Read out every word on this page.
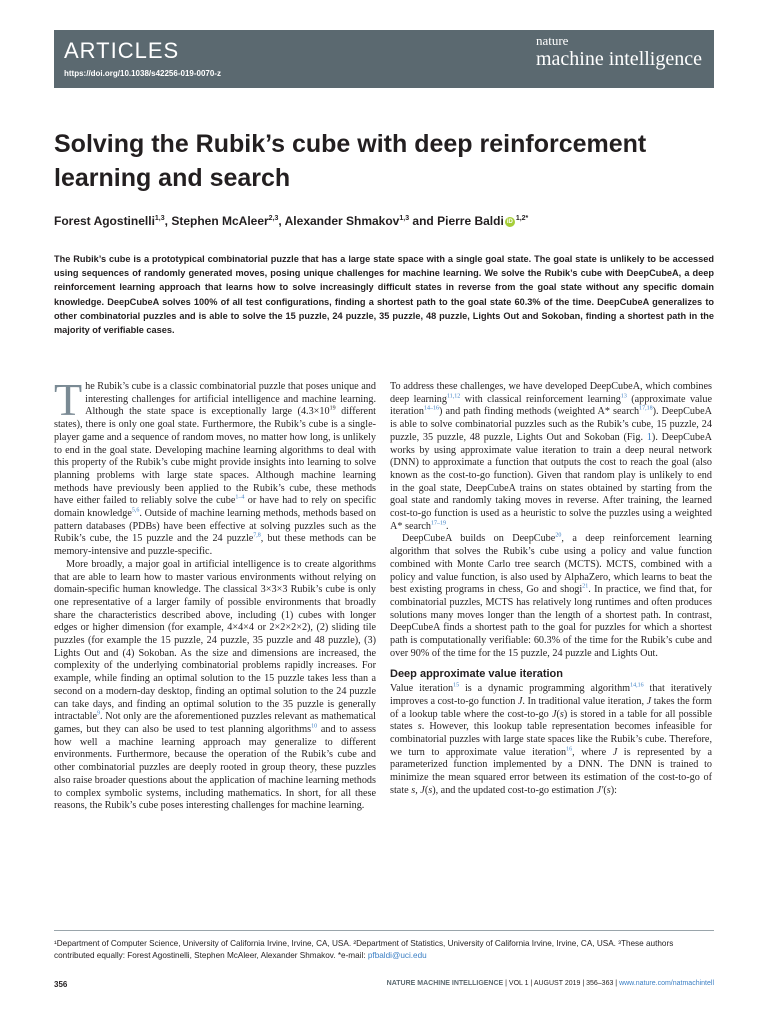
ARTICLES
https://doi.org/10.1038/s42256-019-0070-z
nature
machine intelligence
Solving the Rubik’s cube with deep reinforcement learning and search
Forest Agostinelli$^{1,3}$, Stephen McAleer$^{2,3}$, Alexander Shmakov$^{1,3}$ and Pierre Baldi iD $^{1,2*}$

The Rubik’s cube is a prototypical combinatorial puzzle that has a large state space with a single goal state. The goal state is unlikely to be accessed using sequences of randomly generated moves, posing unique challenges for machine learning. We solve the Rubik’s cube with DeepCubeA, a deep reinforcement learning approach that learns how to solve increasingly difficult states in reverse from the goal state without any specific domain knowledge. DeepCubeA solves 100% of all test configurations, finding a shortest path to the goal state 60.3% of the time. DeepCubeA generalizes to other combinatorial puzzles and is able to solve the 15 puzzle, 24 puzzle, 35 puzzle, 48 puzzle, Lights Out and Sokoban, finding a shortest path in the majority of verifiable cases.

The Rubik’s cube is a classic combinatorial puzzle that poses unique and interesting challenges for artificial intelligence and machine learning. Although the state space is exceptionally large ($4.3\times 10^{19}$ different states), there is only one goal state. Furthermore, the Rubik’s cube is a single-player game and a sequence of random moves, no matter how long, is unlikely to end in the goal state. Developing machine learning algorithms to deal with this property of the Rubik’s cube might provide insights into learning to solve planning problems with large state spaces. Although machine learning methods have previously been applied to the Rubik’s cube, these methods have either failed to reliably solve the cube$^{1-4}$ or have had to rely on specific domain knowledge$^{5,6}$. Outside of machine learning methods, methods based on pattern databases (PDBs) have been effective at solving puzzles such as the Rubik’s cube, the 15 puzzle and the 24 puzzle$^{7,8}$, but these methods can be memory-intensive and puzzle-specific.

More broadly, a major goal in artificial intelligence is to create algorithms that are able to learn how to master various environments without relying on domain-specific human knowledge. The classical 3×3×3 Rubik’s cube is only one representative of a larger family of possible environments that broadly share the characteristics described above, including (1) cubes with longer edges or higher dimension (for example, 4×4×4 or 2×2×2×2), (2) sliding tile puzzles (for example the 15 puzzle, 24 puzzle, 35 puzzle and 48 puzzle), (3) Lights Out and (4) Sokoban. As the size and dimensions are increased, the complexity of the underlying combinatorial problems rapidly increases. For example, while finding an optimal solution to the 15 puzzle takes less than a second on a modern-day desktop, finding an optimal solution to the 24 puzzle can take days, and finding an optimal solution to the 35 puzzle is generally intractable$^9$. Not only are the aforementioned puzzles relevant as mathematical games, but they can also be used to test planning algorithms$^{10}$ and to assess how well a machine learning approach may generalize to different environments. Furthermore, because the operation of the Rubik’s cube and other combinatorial puzzles are deeply rooted in group theory, these puzzles also raise broader questions about the application of machine learning methods to complex symbolic systems, including mathematics. In short, for all these reasons, the Rubik’s cube poses interesting challenges for machine learning.

To address these challenges, we have developed DeepCubeA, which combines deep learning$^{11,12}$ with classical reinforcement learning$^{13}$ (approximate value iteration$^{14-16}$) and path finding methods (weighted A* search$^{17,18}$). DeepCubeA is able to solve combinatorial puzzles such as the Rubik’s cube, 15 puzzle, 24 puzzle, 35 puzzle, 48 puzzle, Lights Out and Sokoban (Fig. 1). DeepCubeA works by using approximate value iteration to train a deep neural network (DNN) to approximate a function that outputs the cost to reach the goal (also known as the cost-to-go function). Given that random play is unlikely to end in the goal state, DeepCubeA trains on states obtained by starting from the goal state and randomly taking moves in reverse. After training, the learned cost-to-go function is used as a heuristic to solve the puzzles using a weighted A* search$^{17-19}$.

DeepCubeA builds on DeepCube$^{20}$, a deep reinforcement learning algorithm that solves the Rubik’s cube using a policy and value function combined with Monte Carlo tree search (MCTS). MCTS, combined with a policy and value function, is also used by AlphaZero, which learns to beat the best existing programs in chess, Go and shogi$^{21}$. In practice, we find that, for combinatorial puzzles, MCTS has relatively long runtimes and often produces solutions many moves longer than the length of a shortest path. In contrast, DeepCubeA finds a shortest path to the goal for puzzles for which a shortest path is computationally verifiable: 60.3% of the time for the Rubik’s cube and over 90% of the time for the 15 puzzle, 24 puzzle and Lights Out.

Deep approximate value iteration

Value iteration$^{15}$ is a dynamic programming algorithm$^{14,16}$ that iteratively improves a cost-to-go function J. In traditional value iteration, J takes the form of a lookup table where the cost-to-go J(s) is stored in a table for all possible states s. However, this lookup table representation becomes infeasible for combinatorial puzzles with large state spaces like the Rubik’s cube. Therefore, we turn to approximate value iteration$^{16}$, where J is represented by a parameterized function implemented by a DNN. The DNN is trained to minimize the mean squared error between its estimation of the cost-to-go of state s, J(s), and the updated cost-to-go estimation J′(s):

¹Department of Computer Science, University of California Irvine, Irvine, CA, USA. ²Department of Statistics, University of California Irvine, Irvine, CA, USA. ³These authors contributed equally: Forest Agostinelli, Stephen McAleer, Alexander Shmakov. *e-mail: pfbaldi@uci.edu
356	NATURE MACHINE INTELLIGENCE | VOL 1 | AUGUST 2019 | 356–363 | www.nature.com/natmachintell
